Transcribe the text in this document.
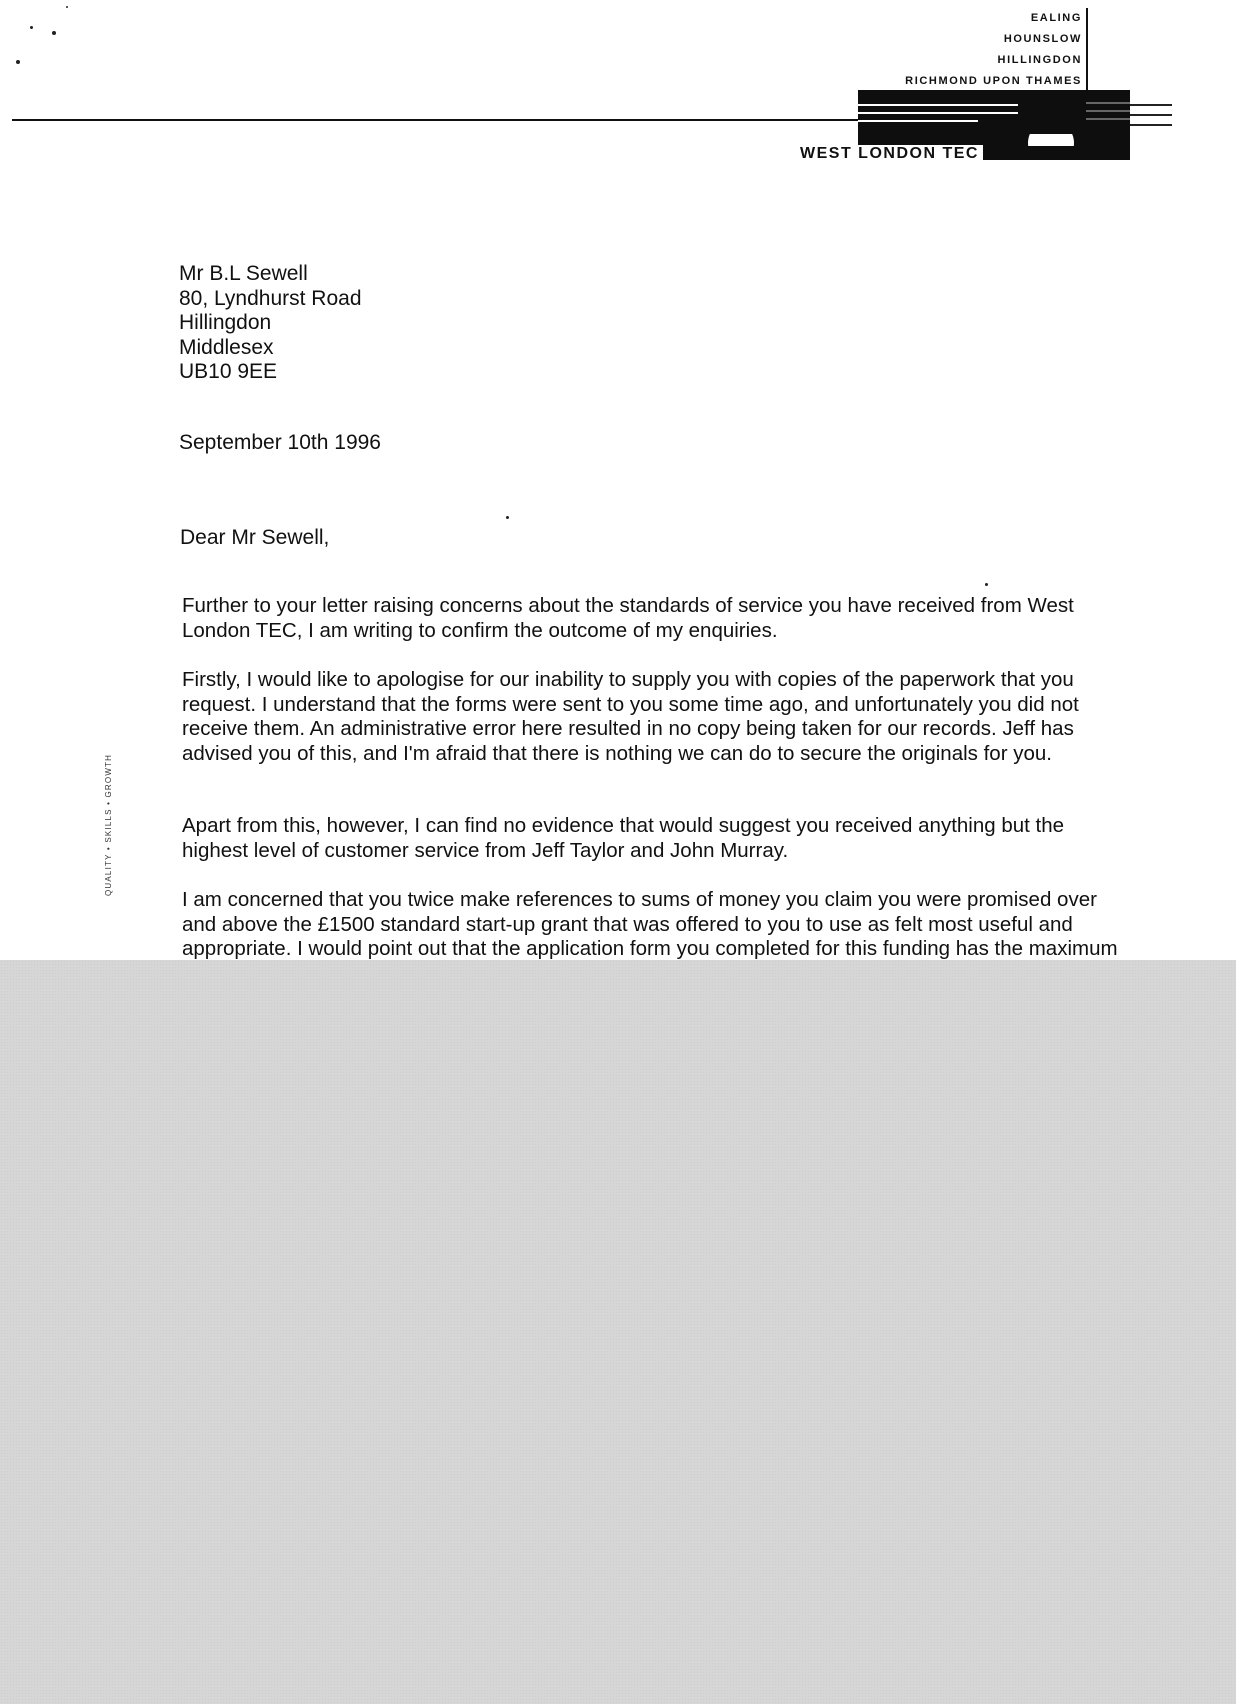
EALING
HOUNSLOW
HILLINGDON
RICHMOND UPON THAMES
WEST LONDON TEC
QUALITY • SKILLS • GROWTH
Mr B.L Sewell
80, Lyndhurst Road
Hillingdon
Middlesex
UB10 9EE
September 10th 1996
Dear Mr Sewell,

Further to your letter raising concerns about the standards of service you have received from West London TEC, I am writing to confirm the outcome of my enquiries.

Firstly, I would like to apologise for our inability to supply you with copies of the paperwork that you request. I understand that the forms were sent to you some time ago, and unfortunately you did not receive them. An administrative error here resulted in no copy being taken for our records. Jeff has advised you of this, and I'm afraid that there is nothing we can do to secure the originals for you.

Apart from this, however, I can find no evidence that would suggest you received anything but the highest level of customer service from Jeff Taylor and John Murray.

I am concerned that you twice make references to sums of money you claim you were promised over and above the £1500 standard start-up grant that was offered to you to use as felt most useful and appropriate. I would point out that the application form you completed for this funding has the maximum
